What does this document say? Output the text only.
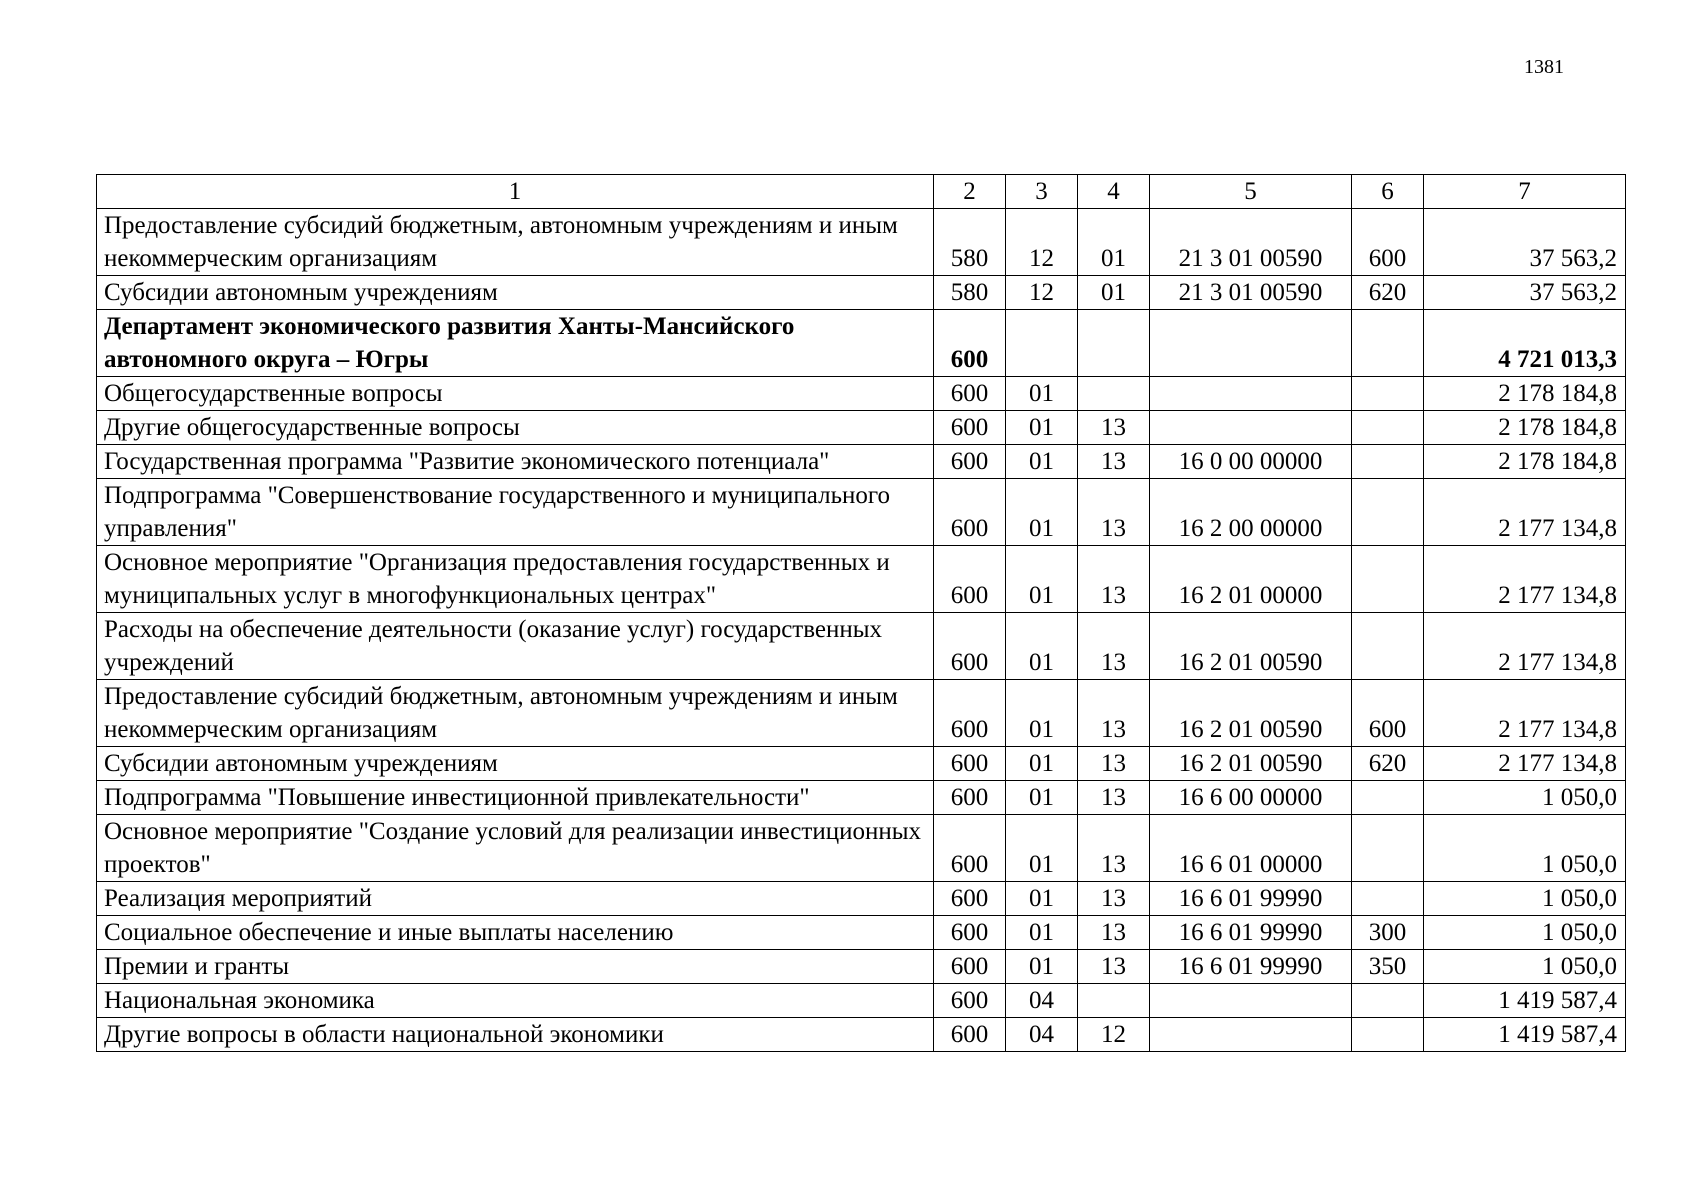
1381
1	2	3	4	5	6	7
Предоставление субсидий бюджетным, автономным учреждениям и иным некоммерческим организациям	580	12	01	21 3 01 00590	600	37 563,2
Субсидии автономным учреждениям	580	12	01	21 3 01 00590	620	37 563,2
Департамент экономического развития Ханты-Мансийского автономного округа – Югры	600					4 721 013,3
Общегосударственные вопросы	600	01				2 178 184,8
Другие общегосударственные вопросы	600	01	13			2 178 184,8
Государственная программа "Развитие экономического потенциала"	600	01	13	16 0 00 00000		2 178 184,8
Подпрограмма "Совершенствование государственного и муниципального управления"	600	01	13	16 2 00 00000		2 177 134,8
Основное мероприятие "Организация предоставления государственных и муниципальных услуг в многофункциональных центрах"	600	01	13	16 2 01 00000		2 177 134,8
Расходы на обеспечение деятельности (оказание услуг) государственных учреждений	600	01	13	16 2 01 00590		2 177 134,8
Предоставление субсидий бюджетным, автономным учреждениям и иным некоммерческим организациям	600	01	13	16 2 01 00590	600	2 177 134,8
Субсидии автономным учреждениям	600	01	13	16 2 01 00590	620	2 177 134,8
Подпрограмма "Повышение инвестиционной привлекательности"	600	01	13	16 6 00 00000		1 050,0
Основное мероприятие "Создание условий для реализации инвестиционных проектов"	600	01	13	16 6 01 00000		1 050,0
Реализация мероприятий	600	01	13	16 6 01 99990		1 050,0
Социальное обеспечение и иные выплаты населению	600	01	13	16 6 01 99990	300	1 050,0
Премии и гранты	600	01	13	16 6 01 99990	350	1 050,0
Национальная экономика	600	04				1 419 587,4
Другие вопросы в области национальной экономики	600	04	12			1 419 587,4
